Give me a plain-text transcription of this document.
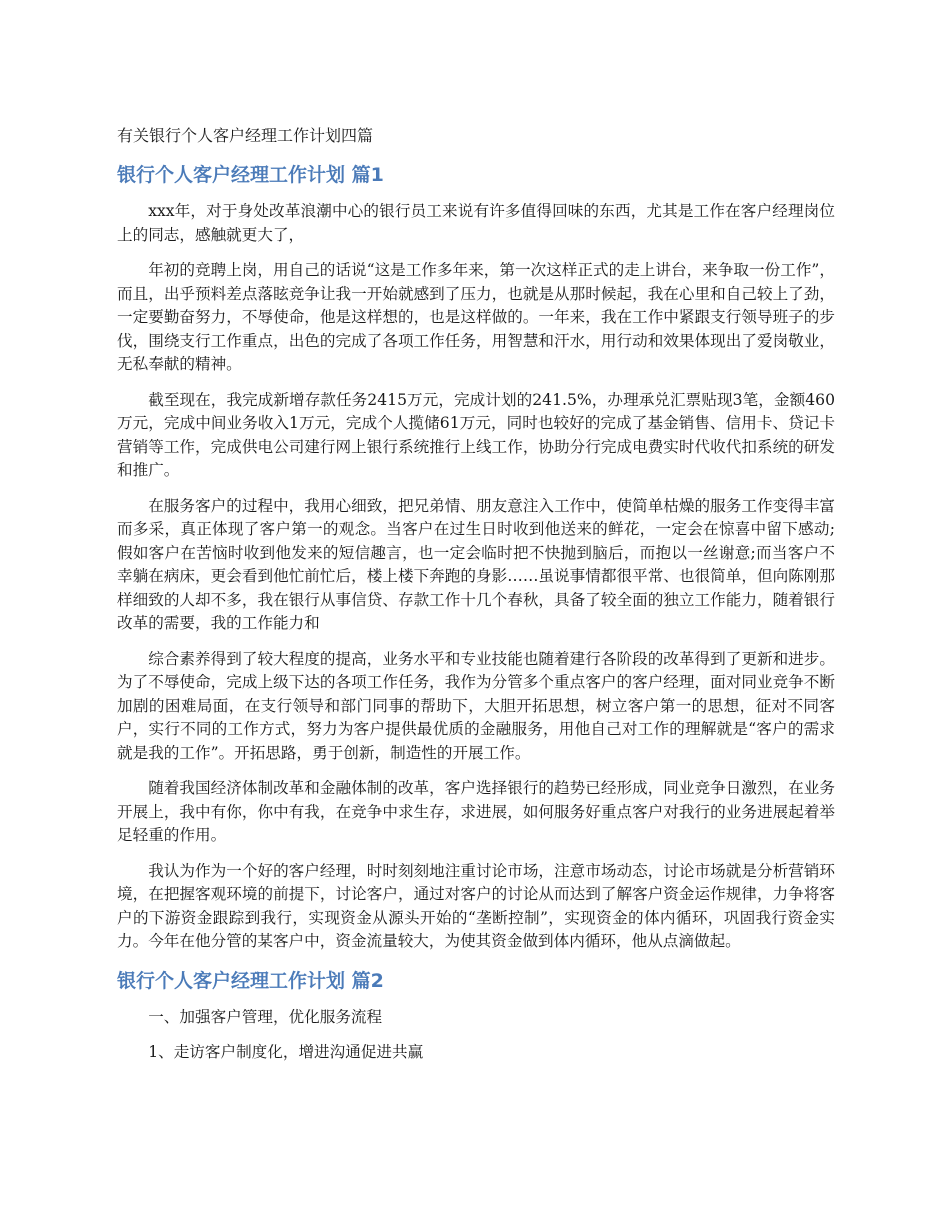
有关银行个人客户经理工作计划四篇
银行个人客户经理工作计划 篇1

xxx年，对于身处改革浪潮中心的银行员工来说有许多值得回味的东西，尤其是工作在客户经理岗位上的同志，感触就更大了，

年初的竞聘上岗，用自己的话说“这是工作多年来，第一次这样正式的走上讲台，来争取一份工作”，而且，出乎预料差点落眩竞争让我一开始就感到了压力，也就是从那时候起，我在心里和自己较上了劲，一定要勤奋努力，不辱使命，他是这样想的，也是这样做的。一年来，我在工作中紧跟支行领导班子的步伐，围绕支行工作重点，出色的完成了各项工作任务，用智慧和汗水，用行动和效果体现出了爱岗敬业，无私奉献的精神。

截至现在，我完成新增存款任务2415万元，完成计划的241.5%，办理承兑汇票贴现3笔，金额460万元，完成中间业务收入1万元，完成个人揽储61万元，同时也较好的完成了基金销售、信用卡、贷记卡营销等工作，完成供电公司建行网上银行系统推行上线工作，协助分行完成电费实时代收代扣系统的研发和推广。

在服务客户的过程中，我用心细致，把兄弟情、朋友意注入工作中，使简单枯燥的服务工作变得丰富而多采，真正体现了客户第一的观念。当客户在过生日时收到他送来的鲜花，一定会在惊喜中留下感动;假如客户在苦恼时收到他发来的短信趣言，也一定会临时把不快抛到脑后，而抱以一丝谢意;而当客户不幸躺在病床，更会看到他忙前忙后，楼上楼下奔跑的身影……虽说事情都很平常、也很简单，但向陈刚那样细致的人却不多，我在银行从事信贷、存款工作十几个春秋，具备了较全面的独立工作能力，随着银行改革的需要，我的工作能力和

综合素养得到了较大程度的提高，业务水平和专业技能也随着建行各阶段的改革得到了更新和进步。为了不辱使命，完成上级下达的各项工作任务，我作为分管多个重点客户的客户经理，面对同业竞争不断加剧的困难局面，在支行领导和部门同事的帮助下，大胆开拓思想，树立客户第一的思想，征对不同客户，实行不同的工作方式，努力为客户提供最优质的金融服务，用他自己对工作的理解就是“客户的需求就是我的工作”。开拓思路，勇于创新，制造性的开展工作。

随着我国经济体制改革和金融体制的改革，客户选择银行的趋势已经形成，同业竞争日激烈，在业务开展上，我中有你，你中有我，在竞争中求生存，求进展，如何服务好重点客户对我行的业务进展起着举足轻重的作用。

我认为作为一个好的客户经理，时时刻刻地注重讨论市场，注意市场动态，讨论市场就是分析营销环境，在把握客观环境的前提下，讨论客户，通过对客户的讨论从而达到了解客户资金运作规律，力争将客户的下游资金跟踪到我行，实现资金从源头开始的“垄断控制”，实现资金的体内循环，巩固我行资金实力。今年在他分管的某客户中，资金流量较大，为使其资金做到体内循环，他从点滴做起。

银行个人客户经理工作计划 篇2

一、加强客户管理，优化服务流程

1、走访客户制度化，增进沟通促进共赢
